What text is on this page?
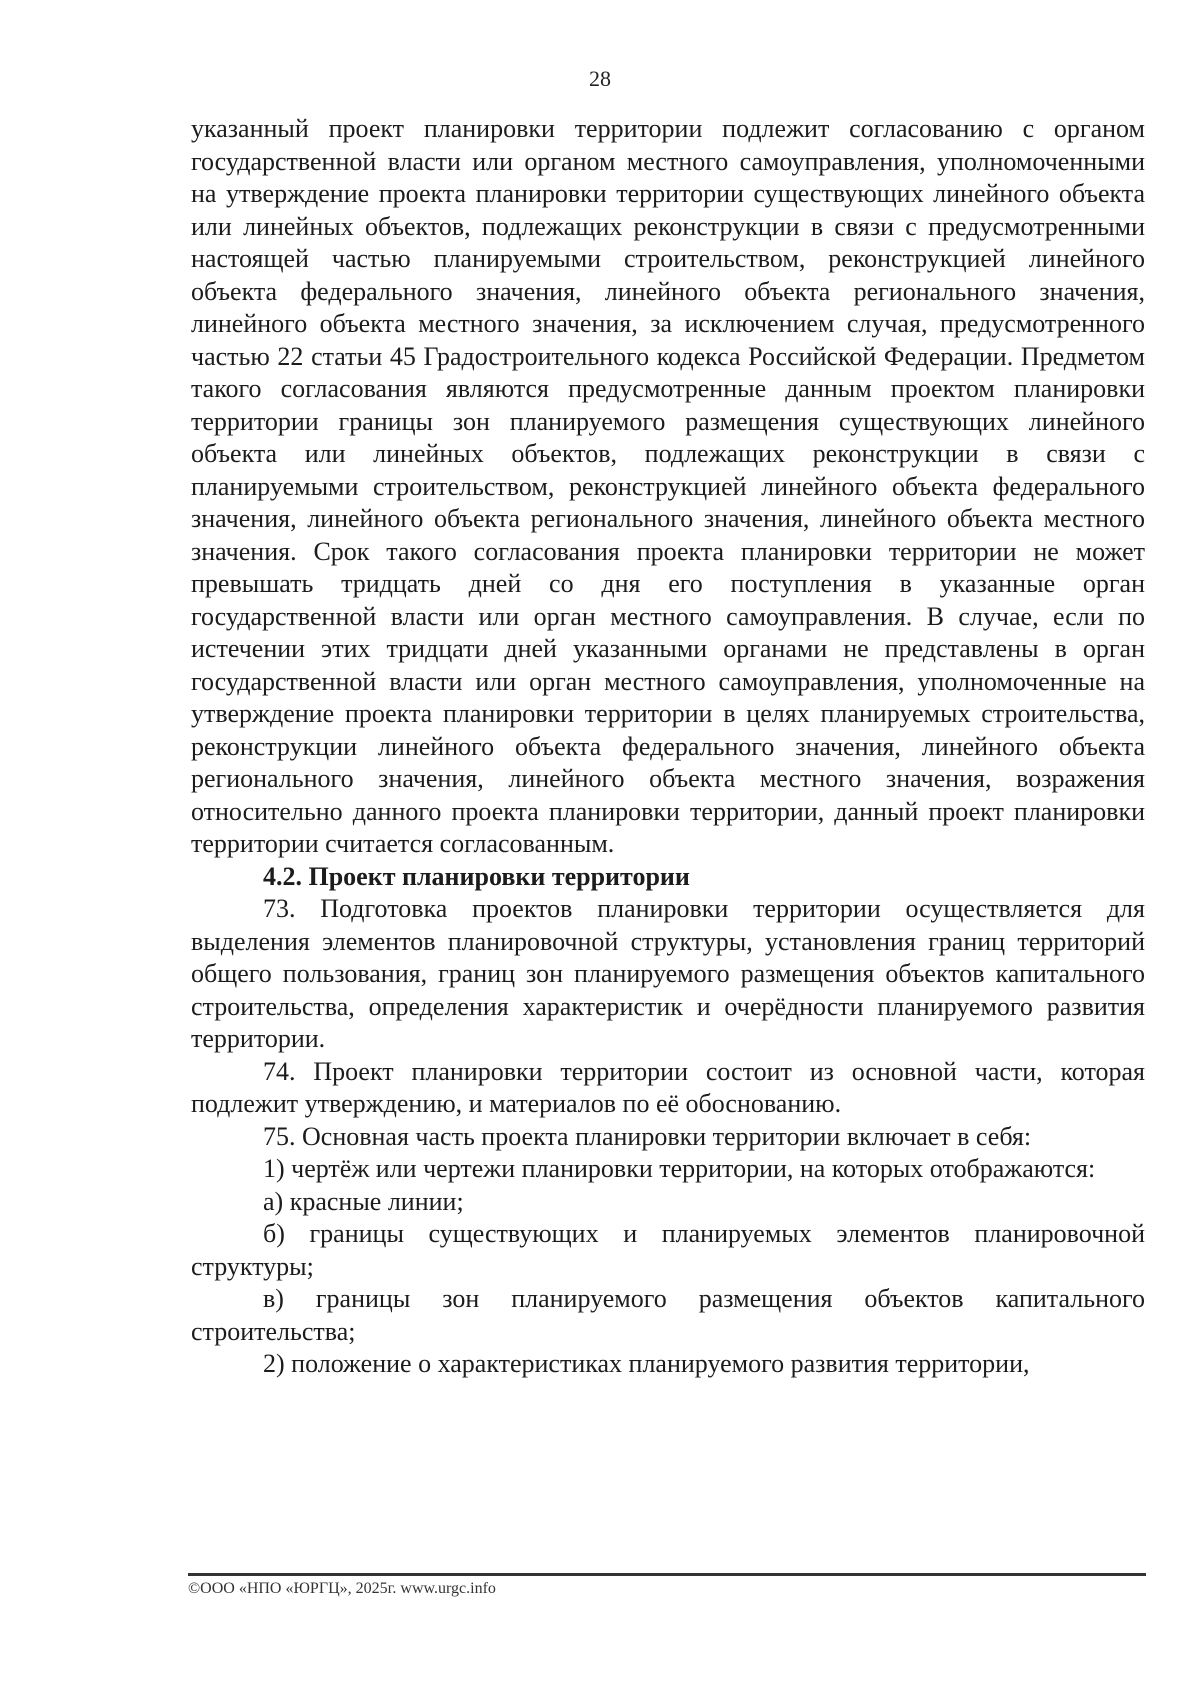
28

указанный проект планировки территории подлежит согласованию с органом государственной власти или органом местного самоуправления, уполномоченными на утверждение проекта планировки территории существующих линейного объекта или линейных объектов, подлежащих реконструкции в связи с предусмотренными настоящей частью планируемыми строительством, реконструкцией линейного объекта федерального значения, линейного объекта регионального значения, линейного объекта местного значения, за исключением случая, предусмотренного частью 22 статьи 45 Градостроительного кодекса Российской Федерации. Предметом такого согласования являются предусмотренные данным проектом планировки территории границы зон планируемого размещения существующих линейного объекта или линейных объектов, подлежащих реконструкции в связи с планируемыми строительством, реконструкцией линейного объекта федерального значения, линейного объекта регионального значения, линейного объекта местного значения. Срок такого согласования проекта планировки территории не может превышать тридцать дней со дня его поступления в указанные орган государственной власти или орган местного самоуправления. В случае, если по истечении этих тридцати дней указанными органами не представлены в орган государственной власти или орган местного самоуправления, уполномоченные на утверждение проекта планировки территории в целях планируемых строительства, реконструкции линейного объекта федерального значения, линейного объекта регионального значения, линейного объекта местного значения, возражения относительно данного проекта планировки территории, данный проект планировки территории считается согласованным.

4.2. Проект планировки территории

73. Подготовка проектов планировки территории осуществляется для выделения элементов планировочной структуры, установления границ территорий общего пользования, границ зон планируемого размещения объектов капитального строительства, определения характеристик и очерёдности планируемого развития территории.

74. Проект планировки территории состоит из основной части, которая подлежит утверждению, и материалов по её обоснованию.

75. Основная часть проекта планировки территории включает в себя:

1) чертёж или чертежи планировки территории, на которых отображаются:

а) красные линии;

б) границы существующих и планируемых элементов планировочной структуры;

в) границы зон планируемого размещения объектов капитального строительства;

2) положение о характеристиках планируемого развития территории,

©ООО «НПО «ЮРГЦ», 2025г. www.urgc.info
